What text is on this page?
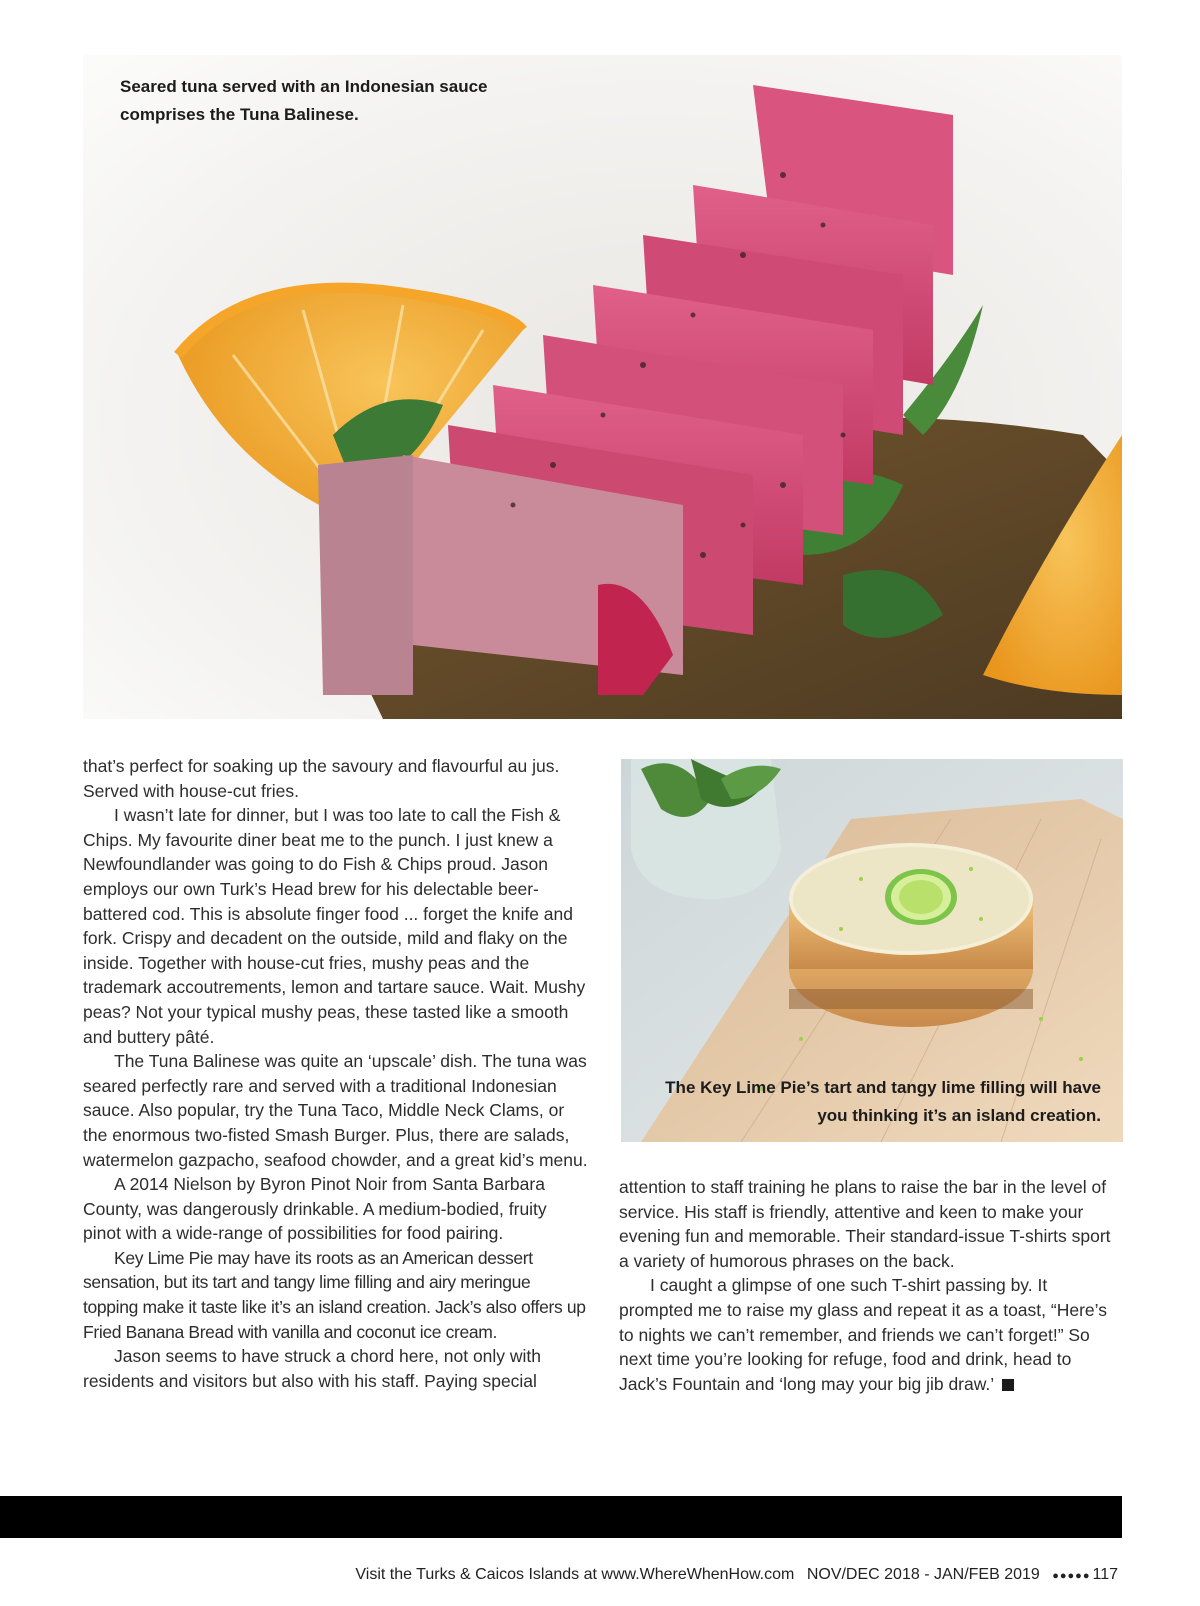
Seared tuna served with an Indonesian sauce comprises the Tuna Balinese.

that’s perfect for soaking up the savoury and flavourful au jus. Served with house-cut fries.

I wasn’t late for dinner, but I was too late to call the Fish & Chips. My favourite diner beat me to the punch. I just knew a Newfoundlander was going to do Fish & Chips proud. Jason employs our own Turk’s Head brew for his delectable beer-battered cod. This is absolute finger food ... forget the knife and fork. Crispy and decadent on the outside, mild and flaky on the inside. Together with house-cut fries, mushy peas and the trademark accoutrements, lemon and tartare sauce. Wait. Mushy peas? Not your typical mushy peas, these tasted like a smooth and buttery pâté.

The Tuna Balinese was quite an ‘upscale’ dish. The tuna was seared perfectly rare and served with a traditional Indonesian sauce. Also popular, try the Tuna Taco, Middle Neck Clams, or the enormous two-fisted Smash Burger. Plus, there are salads, watermelon gazpacho, seafood chowder, and a great kid’s menu.

A 2014 Nielson by Byron Pinot Noir from Santa Barbara County, was dangerously drinkable. A medium-bodied, fruity pinot with a wide-range of possibilities for food pairing.

Key Lime Pie may have its roots as an American dessert sensation, but its tart and tangy lime filling and airy meringue topping make it taste like it’s an island creation. Jack’s also offers up Fried Banana Bread with vanilla and coconut ice cream.

Jason seems to have struck a chord here, not only with residents and visitors but also with his staff. Paying special

The Key Lime Pie’s tart and tangy lime filling will have you thinking it’s an island creation.

attention to staff training he plans to raise the bar in the level of service. His staff is friendly, attentive and keen to make your evening fun and memorable. Their standard-issue T-shirts sport a variety of humorous phrases on the back.

I caught a glimpse of one such T-shirt passing by. It prompted me to raise my glass and repeat it as a toast, “Here’s to nights we can’t remember, and friends we can’t forget!” So next time you’re looking for refuge, food and drink, head to Jack’s Fountain and ‘long may your big jib draw.’

Visit the Turks & Caicos Islands at www.WhereWhenHow.com NOV/DEC 2018 - JAN/FEB 2019 ●●●●● 117
